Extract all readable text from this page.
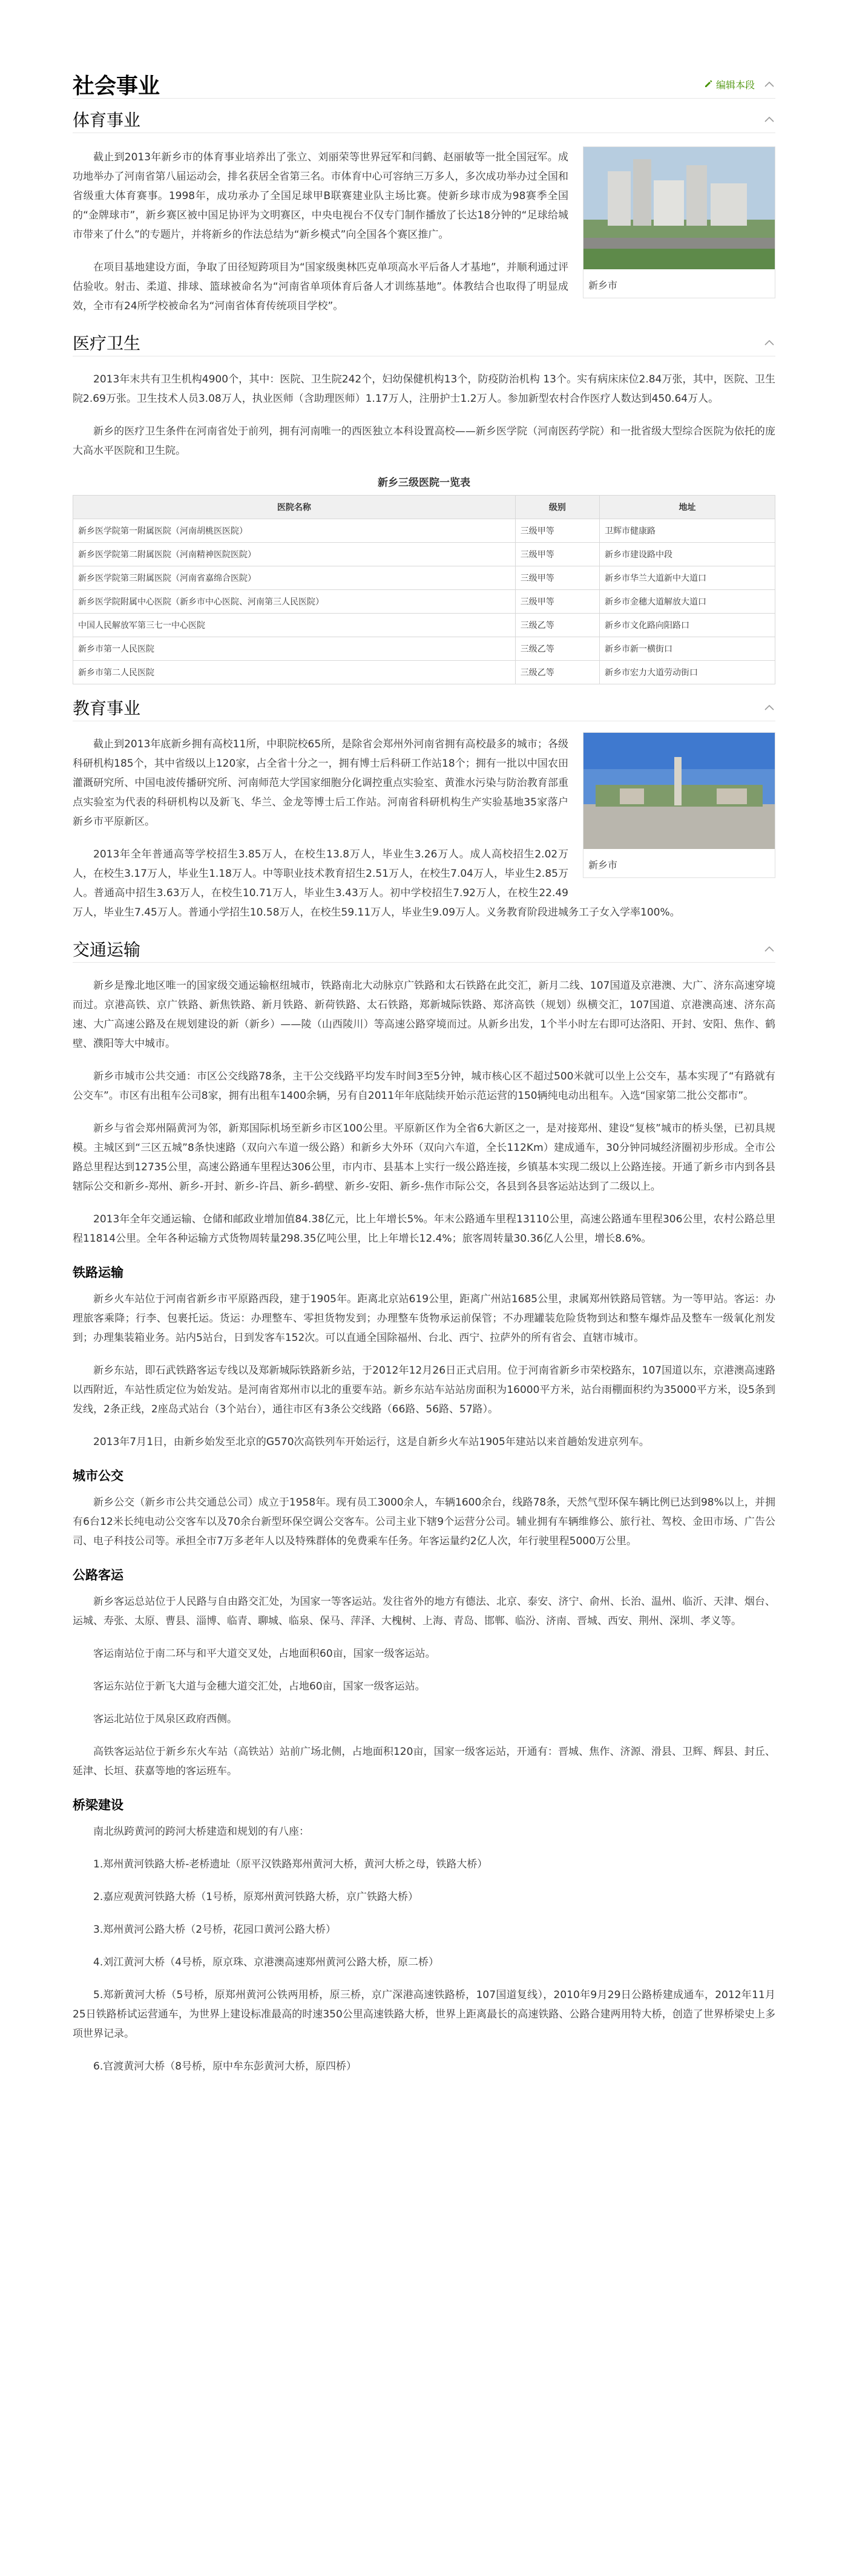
社会事业	编辑本段
体育事业
新乡市

截止到2013年新乡市的体育事业培养出了张立、刘丽荣等世界冠军和闫鹤、赵丽敏等一批全国冠军。成功地举办了河南省第八届运动会，排名获居全省第三名。市体育中心可容纳三万多人，多次成功举办过全国和省级重大体育赛事。1998年，成功承办了全国足球甲B联赛建业队主场比赛。使新乡球市成为98赛季全国的“金牌球市”，新乡赛区被中国足协评为文明赛区，中央电视台不仅专门制作播放了长达18分钟的“足球给城市带来了什么”的专题片，并将新乡的作法总结为“新乡模式”向全国各个赛区推广。

在项目基地建设方面，争取了田径短跨项目为“国家级奥林匹克单项高水平后备人才基地”，并顺利通过评估验收。射击、柔道、排球、篮球被命名为“河南省单项体育后备人才训练基地”。体教结合也取得了明显成效，全市有24所学校被命名为“河南省体育传统项目学校”。

医疗卫生

2013年末共有卫生机构4900个，其中：医院、卫生院242个，妇幼保健机构13个，防疫防治机构 13个。实有病床床位2.84万张，其中，医院、卫生院2.69万张。卫生技术人员3.08万人，执业医师（含助理医师）1.17万人，注册护士1.2万人。参加新型农村合作医疗人数达到450.64万人。

新乡的医疗卫生条件在河南省处于前列，拥有河南唯一的西医独立本科设置高校——新乡医学院（河南医药学院）和一批省级大型综合医院为依托的庞大高水平医院和卫生院。

新乡三级医院一览表
医院名称	级别	地址
新乡医学院第一附属医院（河南胡桃医医院）	三级甲等	卫辉市健康路
新乡医学院第二附属医院（河南精神医院医院）	三级甲等	新乡市建设路中段
新乡医学院第三附属医院（河南省嘉绵合医院）	三级甲等	新乡市华兰大道新中大道口
新乡医学院附属中心医院（新乡市中心医院、河南第三人民医院）	三级甲等	新乡市金穗大道解放大道口
中国人民解放军第三七一中心医院	三级乙等	新乡市文化路向阳路口
新乡市第一人民医院	三级乙等	新乡市新一横街口
新乡市第二人民医院	三级乙等	新乡市宏力大道劳动街口
教育事业
新乡市

截止到2013年底新乡拥有高校11所，中职院校65所，是除省会郑州外河南省拥有高校最多的城市；各级科研机构185个，其中省级以上120家，占全省十分之一，拥有博士后科研工作站18个；拥有一批以中国农田灌溉研究所、中国电波传播研究所、河南师范大学国家细胞分化调控重点实验室、黄淮水污染与防治教育部重点实验室为代表的科研机构以及新飞、华兰、金龙等博士后工作站。河南省科研机构生产实验基地35家落户新乡市平原新区。

2013年全年普通高等学校招生3.85万人，在校生13.8万人，毕业生3.26万人。成人高校招生2.02万人，在校生3.17万人，毕业生1.18万人。中等职业技术教育招生2.51万人，在校生7.04万人，毕业生2.85万人。普通高中招生3.63万人，在校生10.71万人，毕业生3.43万人。初中学校招生7.92万人，在校生22.49万人，毕业生7.45万人。普通小学招生10.58万人，在校生59.11万人，毕业生9.09万人。义务教育阶段进城务工子女入学率100%。

交通运输

新乡是豫北地区唯一的国家级交通运输枢纽城市，铁路南北大动脉京广铁路和太石铁路在此交汇，新月二线、107国道及京港澳、大广、济东高速穿境而过。京港高铁、京广铁路、新焦铁路、新月铁路、新荷铁路、太石铁路，郑新城际铁路、郑济高铁（规划）纵横交汇，107国道、京港澳高速、济东高速、大广高速公路及在规划建设的新（新乡）——陵（山西陵川）等高速公路穿境而过。从新乡出发，1个半小时左右即可达洛阳、开封、安阳、焦作、鹤壁、濮阳等大中城市。

新乡市城市公共交通：市区公交线路78条，主干公交线路平均发车时间3至5分钟，城市核心区不超过500米就可以坐上公交车，基本实现了“有路就有公交车”。市区有出租车公司8家，拥有出租车1400余辆，另有自2011年年底陆续开始示范运营的150辆纯电动出租车。入选“国家第二批公交都市”。

新乡与省会郑州隔黄河为邻，新郑国际机场至新乡市区100公里。平原新区作为全省6大新区之一，是对接郑州、建设“复核”城市的桥头堡，已初具规模。主城区到“三区五城”8条快速路（双向六车道一级公路）和新乡大外环（双向六车道，全长112Km）建成通车，30分钟同城经济圈初步形成。全市公路总里程达到12735公里，高速公路通车里程达306公里，市内市、县基本上实行一级公路连接，乡镇基本实现二级以上公路连接。开通了新乡市内到各县辖际公交和新乡-郑州、新乡-开封、新乡-许昌、新乡-鹤壁、新乡-安阳、新乡-焦作市际公交，各县到各县客运站达到了二级以上。

2013年全年交通运输、仓储和邮政业增加值84.38亿元，比上年增长5%。年末公路通车里程13110公里，高速公路通车里程306公里，农村公路总里程11814公里。全年各种运输方式货物周转量298.35亿吨公里，比上年增长12.4%；旅客周转量30.36亿人公里，增长8.6%。

铁路运输

新乡火车站位于河南省新乡市平原路西段，建于1905年。距离北京站619公里，距离广州站1685公里，隶属郑州铁路局管辖。为一等甲站。客运：办理旅客乘降；行李、包裹托运。货运：办理整车、零担货物发到；办理整车货物承运前保管；不办理罐装危险货物到达和整车爆炸品及整车一级氧化剂发到；办理集装箱业务。站内5站台，日到发客车152次。可以直通全国除福州、台北、西宁、拉萨外的所有省会、直辖市城市。

新乡东站，即石武铁路客运专线以及郑新城际铁路新乡站，于2012年12月26日正式启用。位于河南省新乡市荣校路东，107国道以东，京港澳高速路以西附近，车站性质定位为始发站。是河南省郑州市以北的重要车站。新乡东站车站站房面积为16000平方米，站台雨棚面积约为35000平方米，设5条到发线，2条正线，2座岛式站台（3个站台），通往市区有3条公交线路（66路、56路、57路）。

2013年7月1日，由新乡始发至北京的G570次高铁列车开始运行，这是自新乡火车站1905年建站以来首趟始发进京列车。

城市公交

新乡公交（新乡市公共交通总公司）成立于1958年。现有员工3000余人，车辆1600余台，线路78条，天然气型环保车辆比例已达到98%以上，并拥有6台12米长纯电动公交客车以及70余台新型环保空调公交客车。公司主业下辖9个运营分公司。辅业拥有车辆维修公、旅行社、驾校、金田市场、广告公司、电子科技公司等。承担全市7万多老年人以及特殊群体的免费乘车任务。年客运量约2亿人次，年行驶里程5000万公里。

公路客运

新乡客运总站位于人民路与自由路交汇处，为国家一等客运站。发往省外的地方有德法、北京、泰安、济宁、俞州、长治、温州、临沂、天津、烟台、运城、寿张、太原、曹县、淄博、临青、聊城、临泉、保马、萍泽、大槐树、上海、青岛、邯郸、临汾、济南、晋城、西安、荆州、深圳、孝义等。

客运南站位于南二环与和平大道交叉处，占地面积60亩，国家一级客运站。

客运东站位于新飞大道与金穗大道交汇处，占地60亩，国家一级客运站。

客运北站位于凤泉区政府西侧。

高铁客运站位于新乡东火车站（高铁站）站前广场北侧，占地面积120亩，国家一级客运站，开通有：晋城、焦作、济源、滑县、卫辉、辉县、封丘、延津、长垣、获嘉等地的客运班车。

桥梁建设

南北纵跨黄河的跨河大桥建造和规划的有八座：

1.郑州黄河铁路大桥-老桥遗址（原平汉铁路郑州黄河大桥，黄河大桥之母，铁路大桥）

2.嘉应观黄河铁路大桥（1号桥，原郑州黄河铁路大桥，京广铁路大桥）

3.郑州黄河公路大桥（2号桥，花园口黄河公路大桥）

4.刘江黄河大桥（4号桥，原京珠、京港澳高速郑州黄河公路大桥，原二桥）

5.郑新黄河大桥（5号桥，原郑州黄河公铁两用桥，原三桥，京广深港高速铁路桥，107国道复线），2010年9月29日公路桥建成通车，2012年11月25日铁路桥试运营通车，为世界上建设标准最高的时速350公里高速铁路大桥，世界上距离最长的高速铁路、公路合建两用特大桥，创造了世界桥梁史上多项世界记录。

6.官渡黄河大桥（8号桥，原中牟东彭黄河大桥，原四桥）
